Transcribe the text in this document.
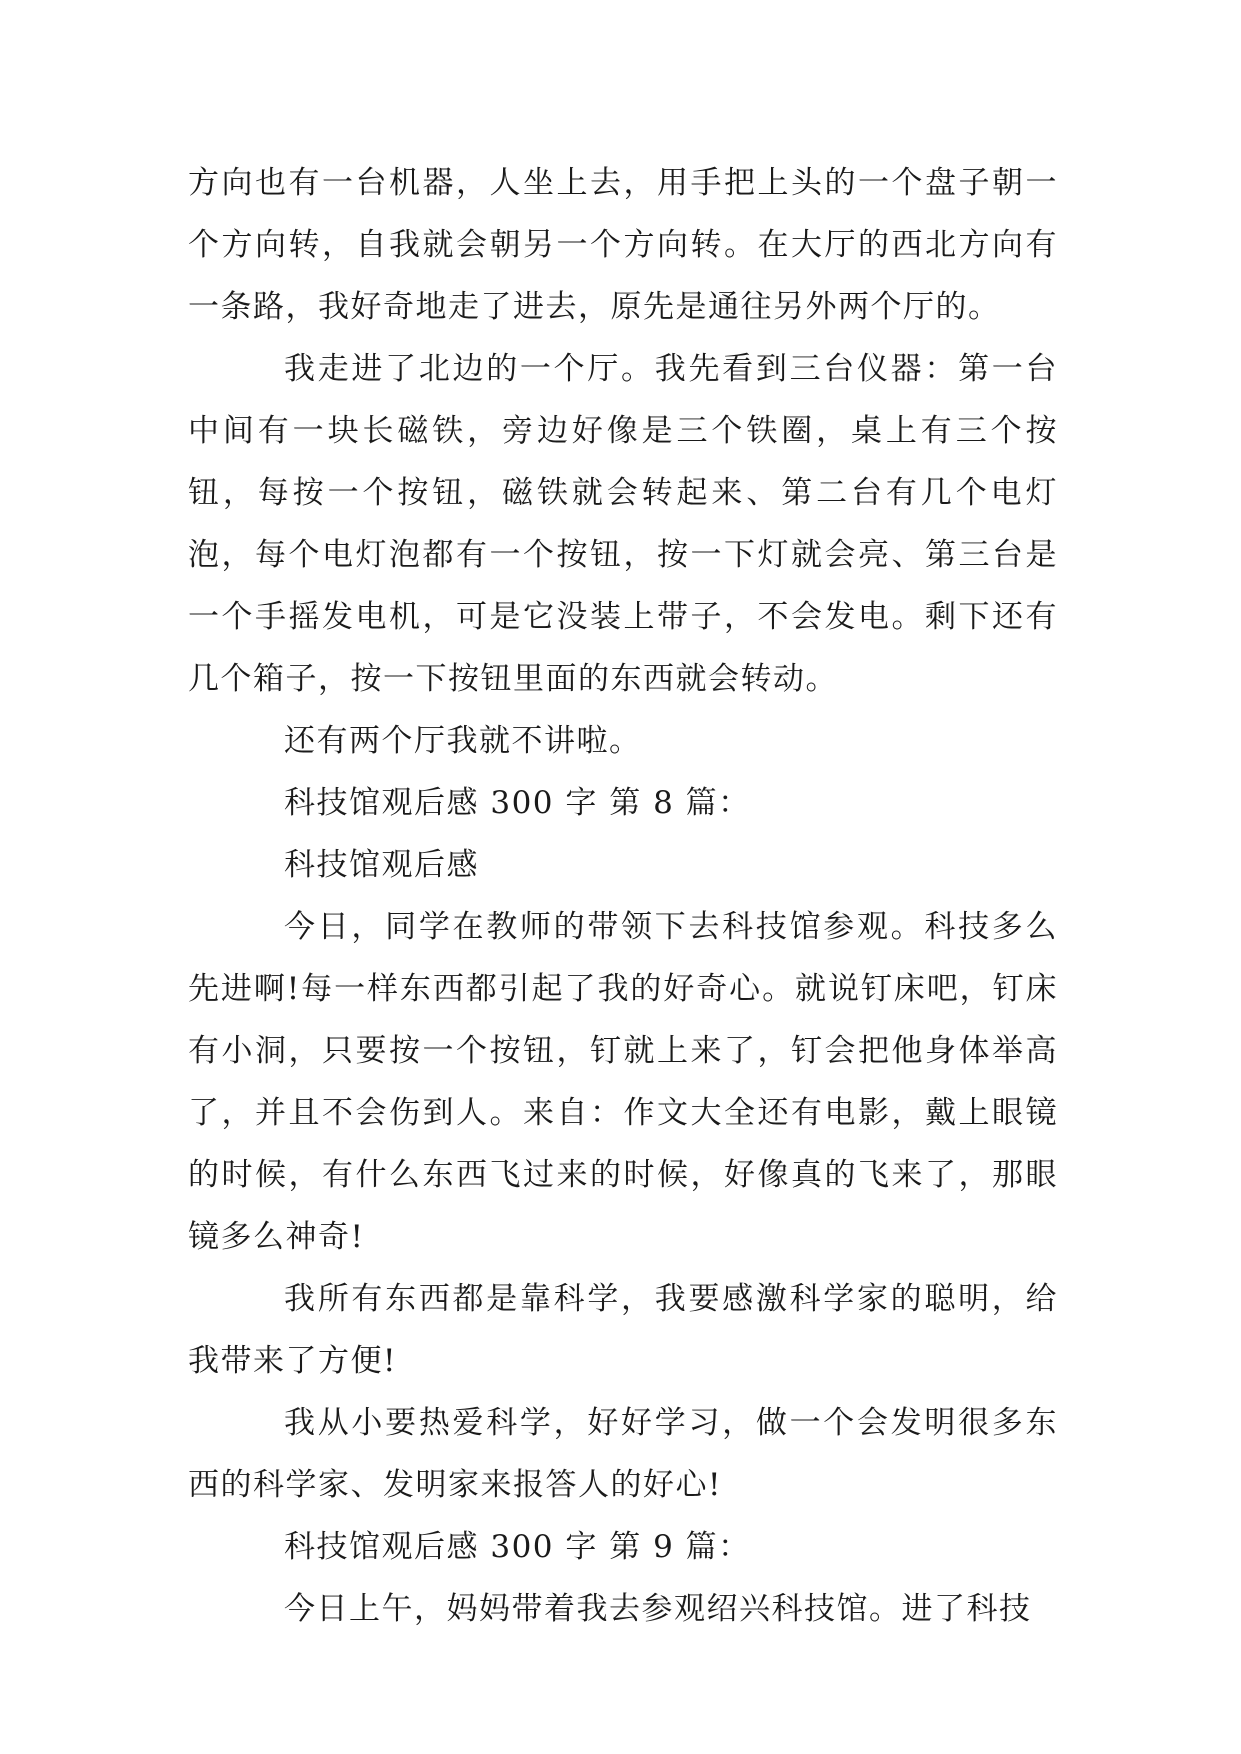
方向也有一台机器，人坐上去，用手把上头的一个盘子朝一个方向转，自我就会朝另一个方向转。在大厅的西北方向有一条路，我好奇地走了进去，原先是通往另外两个厅的。

我走进了北边的一个厅。我先看到三台仪器：第一台中间有一块长磁铁，旁边好像是三个铁圈，桌上有三个按钮，每按一个按钮，磁铁就会转起来、第二台有几个电灯泡，每个电灯泡都有一个按钮，按一下灯就会亮、第三台是一个手摇发电机，可是它没装上带子，不会发电。剩下还有几个箱子，按一下按钮里面的东西就会转动。

还有两个厅我就不讲啦。

科技馆观后感 300 字 第 8 篇：

科技馆观后感

今日，同学在教师的带领下去科技馆参观。科技多么先进啊!每一样东西都引起了我的好奇心。就说钉床吧，钉床有小洞，只要按一个按钮，钉就上来了，钉会把他身体举高了，并且不会伤到人。来自：作文大全还有电影，戴上眼镜的时候，有什么东西飞过来的时候，好像真的飞来了，那眼镜多么神奇!

我所有东西都是靠科学，我要感激科学家的聪明，给我带来了方便!

我从小要热爱科学，好好学习，做一个会发明很多东西的科学家、发明家来报答人的好心!

科技馆观后感 300 字 第 9 篇：

今日上午，妈妈带着我去参观绍兴科技馆。进了科技
